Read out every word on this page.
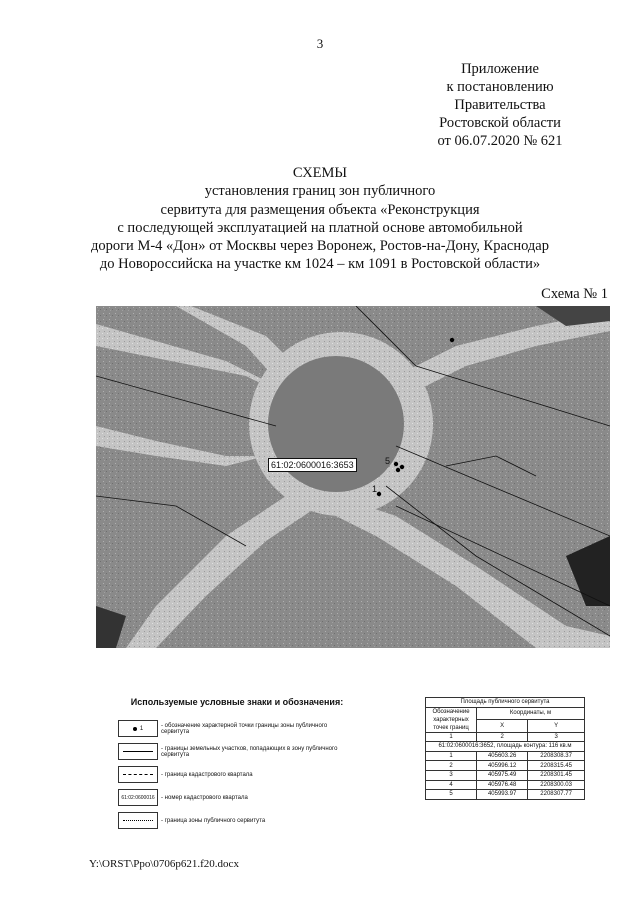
3
Приложение
к постановлению
Правительства
Ростовской области
от 06.07.2020 № 621
СХЕМЫ
установления границ зон публичного
сервитута для размещения объекта «Реконструкция
с последующей эксплуатацией на платной основе автомобильной
дороги М-4 «Дон» от Москвы через Воронеж, Ростов-на-Дону, Краснодар
до Новороссийска на участке км 1024 – км 1091 в Ростовской области»
Схема № 1
61:02:0600016:3653
1
5
Используемые условные знаки и обозначения:
1	- обозначение характерной точки границы зоны публичного сервитута
- границы земельных участков, попадающих в зону публичного сервитута
- граница кадастрового квартала
61:02:0600016 - номер кадастрового квартала
- граница зоны публичного сервитута
Площадь публичного сервитута		
Обозначение характерных точек границ	Координаты, м	
	X	Y
1	2	3
61:02:0600016:3652, площадь контура: 116 кв.м		
1	405603.26	2208308.37
2	405996.12	2208315.45
3	405975.49	2208301.45
4	405976.48	2208300.03
5	405993.97	2208307.77
Y:\ORST\Ppo\0706p621.f20.docx
